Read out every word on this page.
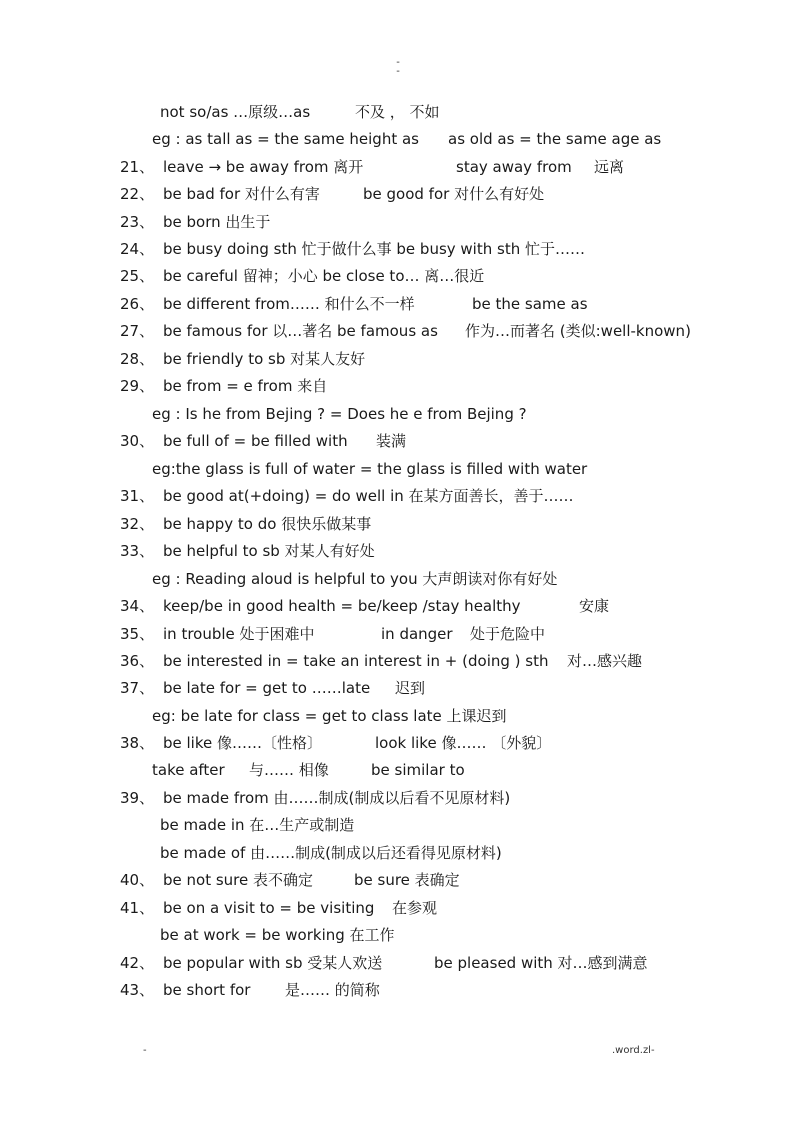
-
-
not so/as …原级…as	不及 ， 不如
eg : as tall as = the same height as as old as = the same age as
21、 leave → be away from 离开	stay away from 远离
22、 be bad for 对什么有害	be good for 对什么有好处
23、 be born 出生于
24、 be busy doing sth 忙于做什么事 be busy with sth 忙于……
25、 be careful 留神；小心 be close to… 离…很近
26、 be different from…… 和什么不一样	be the same as
27、 be famous for 以…著名 be famous as 作为…而著名 (类似:well-known)
28、 be friendly to sb 对某人友好
29、 be from = e from 来自
eg : Is he from Bejing ? = Does he e from Bejing ?
30、 be full of = be filled with 装满
eg:the glass is full of water = the glass is filled with water
31、 be good at(+doing) = do well in 在某方面善长，善于……
32、 be happy to do 很快乐做某事
33、 be helpful to sb 对某人有好处
eg : Reading aloud is helpful to you 大声朗读对你有好处
34、 keep/be in good health = be/keep /stay healthy	安康
35、 in trouble 处于困难中	in danger 处于危险中
36、 be interested in = take an interest in + (doing ) sth 对…感兴趣
37、 be late for = get to ……late 迟到
eg: be late for class = get to class late 上课迟到
38、 be like 像……〔性格〕	look like 像…… 〔外貌〕
take after 与…… 相像	be similar to
39、 be made from 由……制成(制成以后看不见原材料)
be made in 在…生产或制造
be made of 由……制成(制成以后还看得见原材料)
40、 be not sure 表不确定	be sure 表确定
41、 be on a visit to = be visiting 在参观
be at work = be working 在工作
42、 be popular with sb 受某人欢送	be pleased with 对…感到满意
43、 be short for 是…… 的简称
-	.word.zl-
